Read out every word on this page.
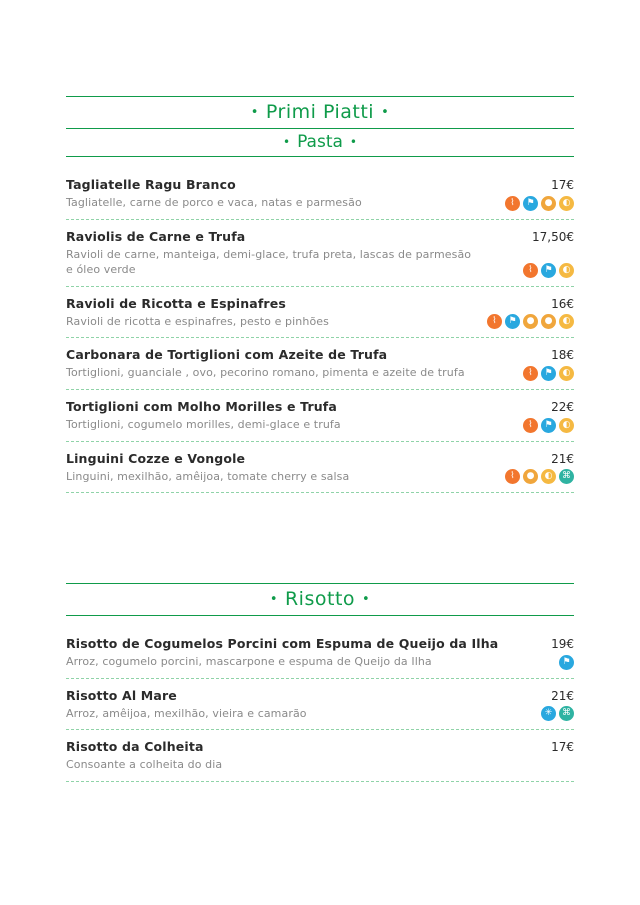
• Primi Piatti •
• Pasta •
Tagliatelle Ragu Branco	17€
Tagliatelle, carne de porco e vaca, natas e parmesão	⌇	⚑	●	◐
Raviolis de Carne e Trufa	17,50€
Ravioli de carne, manteiga, demi-glace, trufa preta, lascas de parmesão e óleo verde	⌇	⚑	◐
Ravioli de Ricotta e Espinafres	16€
Ravioli de ricotta e espinafres, pesto e pinhões	⌇	⚑	●	●	◐
Carbonara de Tortiglioni com Azeite de Trufa	18€
Tortiglioni, guanciale , ovo, pecorino romano, pimenta e azeite de trufa	⌇	⚑	◐
Tortiglioni com Molho Morilles e Trufa	22€
Tortiglioni, cogumelo morilles, demi-glace e trufa	⌇	⚑	◐
Linguini Cozze e Vongole	21€
Linguini, mexilhão, amêijoa, tomate cherry e salsa	⌇	●	◐	⌘
• Risotto •
Risotto de Cogumelos Porcini com Espuma de Queijo da Ilha	19€
Arroz, cogumelo porcini, mascarpone e espuma de Queijo da Ilha	⚑
Risotto Al Mare	21€
Arroz, amêijoa, mexilhão, vieira e camarão	✳	⌘
Risotto da Colheita	17€
Consoante a colheita do dia
